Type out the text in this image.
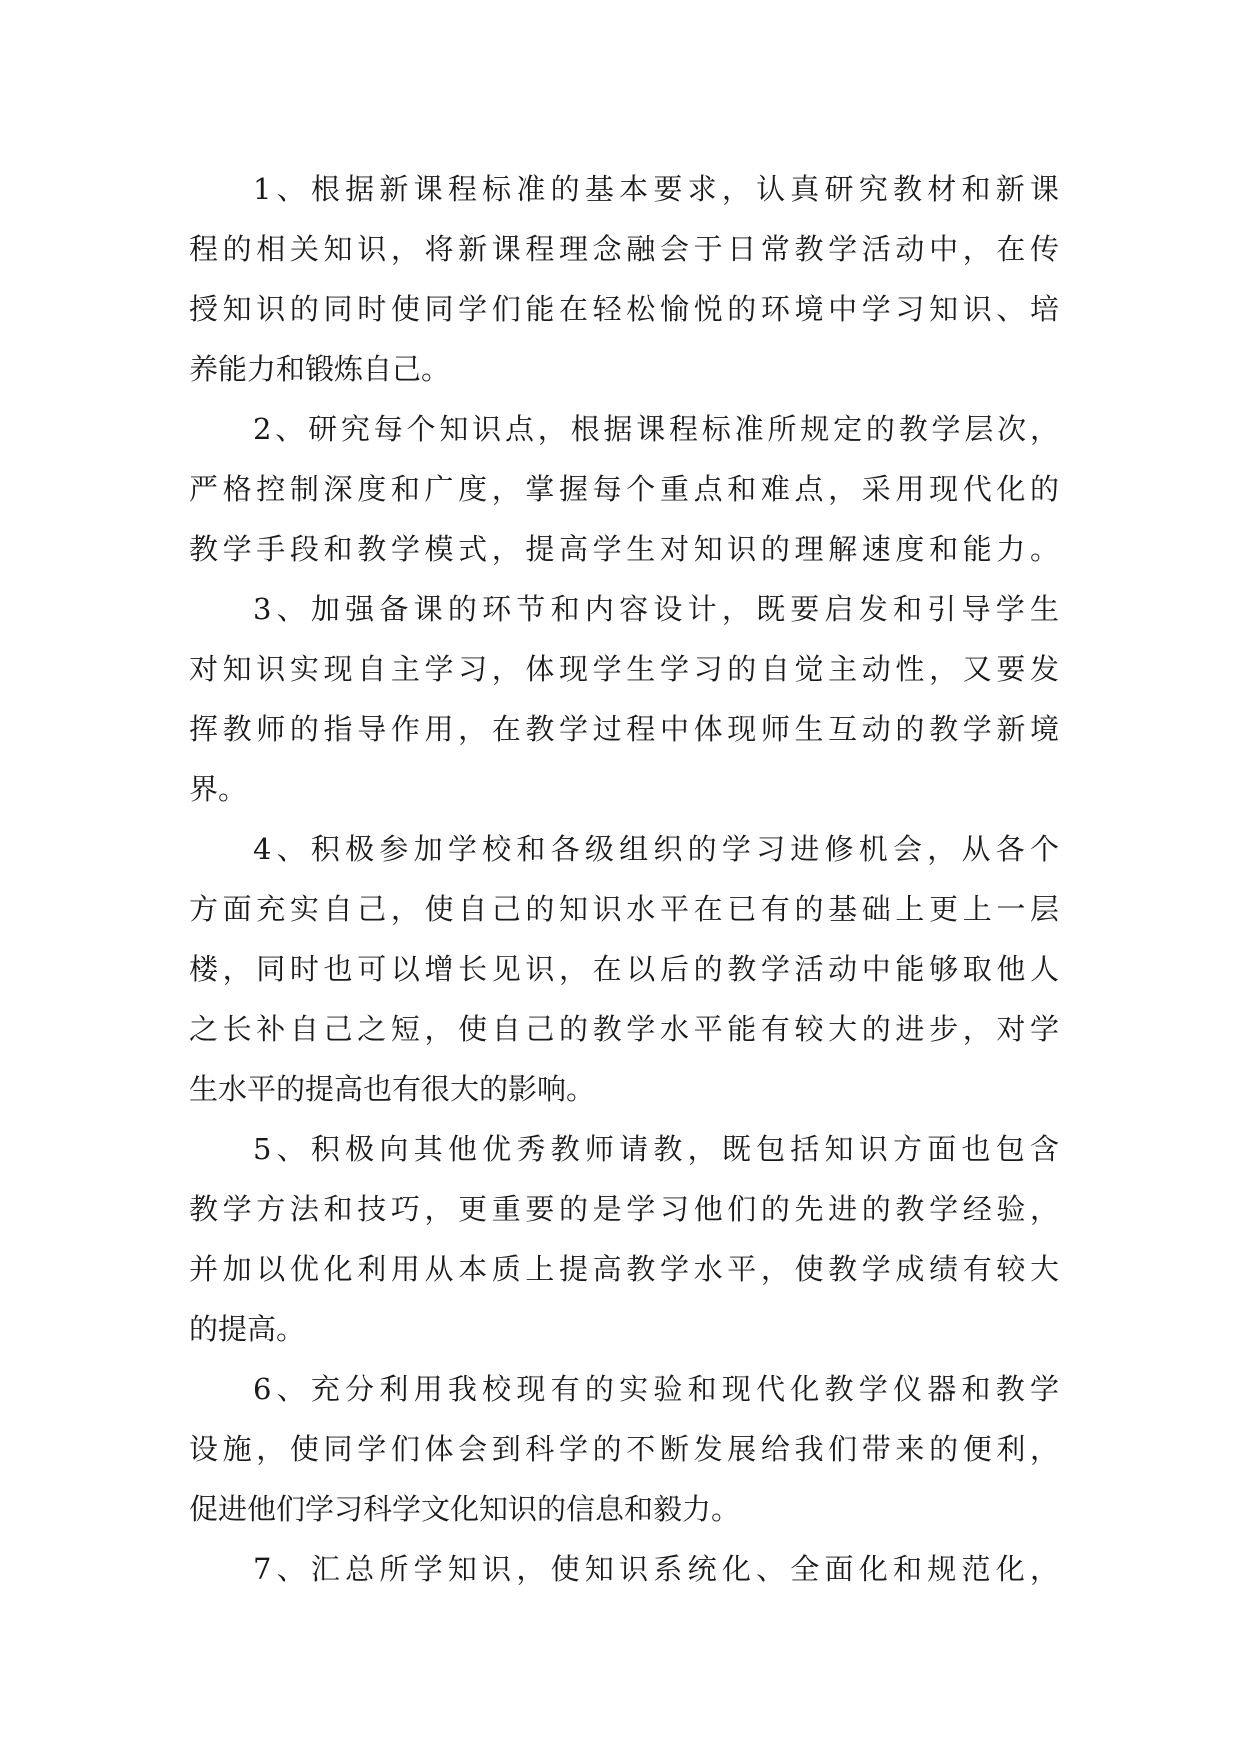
1、根据新课程标准的基本要求，认真研究教材和新课
程的相关知识，将新课程理念融会于日常教学活动中，在传
授知识的同时使同学们能在轻松愉悦的环境中学习知识、培
养能力和锻炼自己。
2、研究每个知识点，根据课程标准所规定的教学层次，
严格控制深度和广度，掌握每个重点和难点，采用现代化的
教学手段和教学模式，提高学生对知识的理解速度和能力。
3、加强备课的环节和内容设计，既要启发和引导学生
对知识实现自主学习，体现学生学习的自觉主动性，又要发
挥教师的指导作用，在教学过程中体现师生互动的教学新境
界。
4、积极参加学校和各级组织的学习进修机会，从各个
方面充实自己，使自己的知识水平在已有的基础上更上一层
楼，同时也可以增长见识，在以后的教学活动中能够取他人
之长补自己之短，使自己的教学水平能有较大的进步，对学
生水平的提高也有很大的影响。
5、积极向其他优秀教师请教，既包括知识方面也包含
教学方法和技巧，更重要的是学习他们的先进的教学经验，
并加以优化利用从本质上提高教学水平，使教学成绩有较大
的提高。
6、充分利用我校现有的实验和现代化教学仪器和教学
设施，使同学们体会到科学的不断发展给我们带来的便利，
促进他们学习科学文化知识的信息和毅力。
7、汇总所学知识，使知识系统化、全面化和规范化，
